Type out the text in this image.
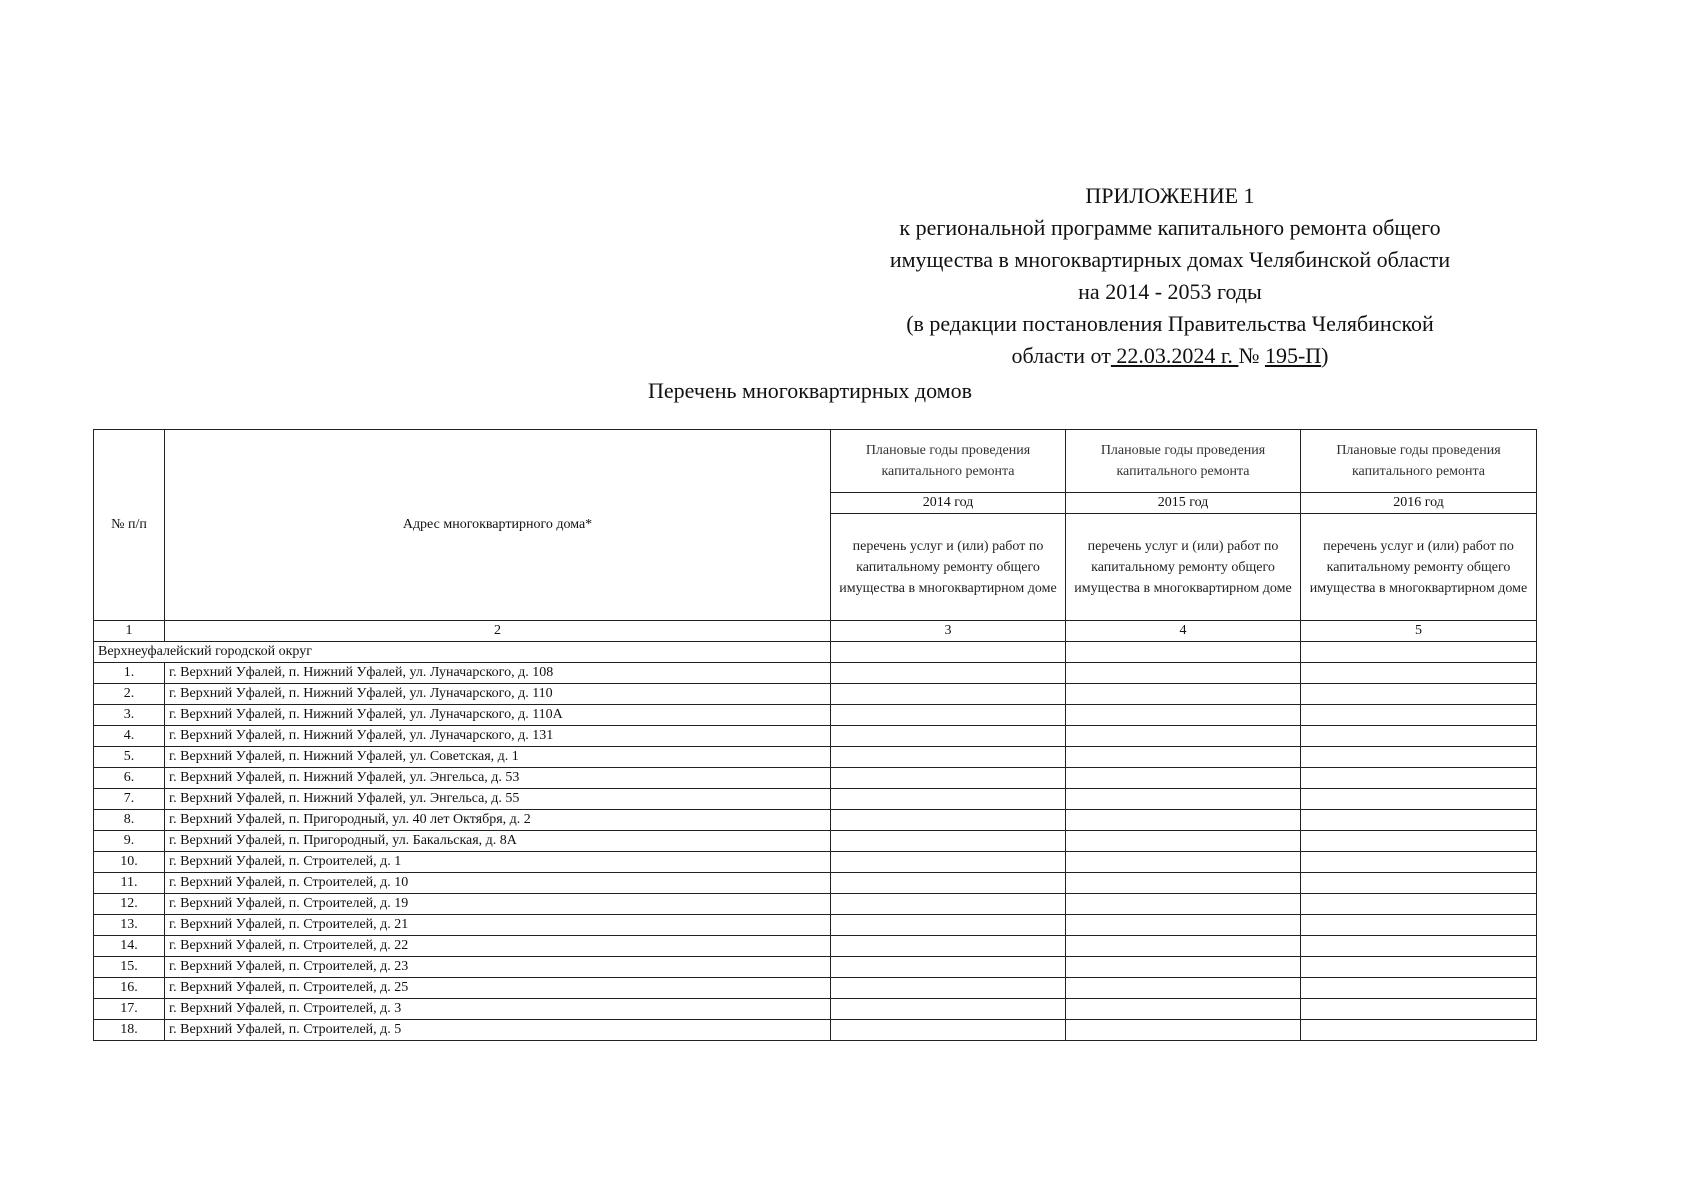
ПРИЛОЖЕНИЕ 1
к региональной программе капитального ремонта общего
имущества в многоквартирных домах Челябинской области
на 2014 - 2053 годы
(в редакции постановления Правительства Челябинской
области от 22.03.2024 г. № 195-П)
Перечень многоквартирных домов
№ п/п	Адрес многоквартирного дома*	Плановые годы проведения капитального ремонта	Плановые годы проведения капитального ремонта	Плановые годы проведения капитального ремонта
		2014 год	2015 год	2016 год
		перечень услуг и (или) работ по капитальному ремонту общего имущества в многоквартирном доме	перечень услуг и (или) работ по капитальному ремонту общего имущества в многоквартирном доме	перечень услуг и (или) работ по капитальному ремонту общего имущества в многоквартирном доме
1	2	3	4	5
Верхнеуфалейский городской округ				
1.	г. Верхний Уфалей, п. Нижний Уфалей, ул. Луначарского, д. 108			
2.	г. Верхний Уфалей, п. Нижний Уфалей, ул. Луначарского, д. 110			
3.	г. Верхний Уфалей, п. Нижний Уфалей, ул. Луначарского, д. 110А			
4.	г. Верхний Уфалей, п. Нижний Уфалей, ул. Луначарского, д. 131			
5.	г. Верхний Уфалей, п. Нижний Уфалей, ул. Советская, д. 1			
6.	г. Верхний Уфалей, п. Нижний Уфалей, ул. Энгельса, д. 53			
7.	г. Верхний Уфалей, п. Нижний Уфалей, ул. Энгельса, д. 55			
8.	г. Верхний Уфалей, п. Пригородный, ул. 40 лет Октября, д. 2			
9.	г. Верхний Уфалей, п. Пригородный, ул. Бакальская, д. 8А			
10.	г. Верхний Уфалей, п. Строителей, д. 1			
11.	г. Верхний Уфалей, п. Строителей, д. 10			
12.	г. Верхний Уфалей, п. Строителей, д. 19			
13.	г. Верхний Уфалей, п. Строителей, д. 21			
14.	г. Верхний Уфалей, п. Строителей, д. 22			
15.	г. Верхний Уфалей, п. Строителей, д. 23			
16.	г. Верхний Уфалей, п. Строителей, д. 25			
17.	г. Верхний Уфалей, п. Строителей, д. 3			
18.	г. Верхний Уфалей, п. Строителей, д. 5			
